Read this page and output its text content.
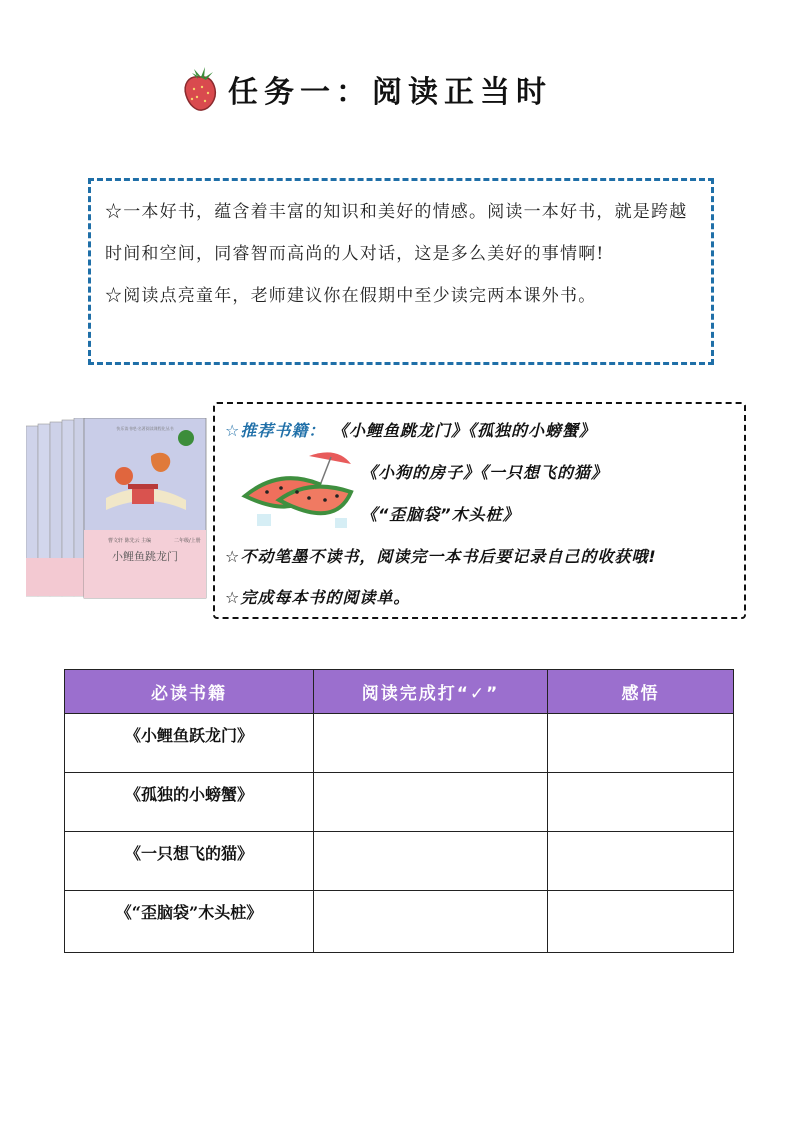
任务一：阅读正当时

☆一本好书，蕴含着丰富的知识和美好的情感。阅读一本好书，就是跨越时间和空间，同睿智而高尚的人对话，这是多么美好的事情啊!

☆阅读点亮童年，老师建议你在假期中至少读完两本课外书。

小鲤鱼跳龙门
曹文轩 陈先云 主编	二年级/上册
快乐读书吧·名著阅读课程化丛书	☆推荐书籍： 《小鲤鱼跳龙门》《孤独的小螃蟹》
《小狗的房子》《一只想飞的猫》
《“歪脑袋”木头桩》
☆不动笔墨不读书，阅读完一本书后要记录自己的收获哦!
☆完成每本书的阅读单。
必读书籍	阅读完成打“✓”	感悟
《小鲤鱼跃龙门》		
《孤独的小螃蟹》		
《一只想飞的猫》		
《“歪脑袋”木头桩》		
